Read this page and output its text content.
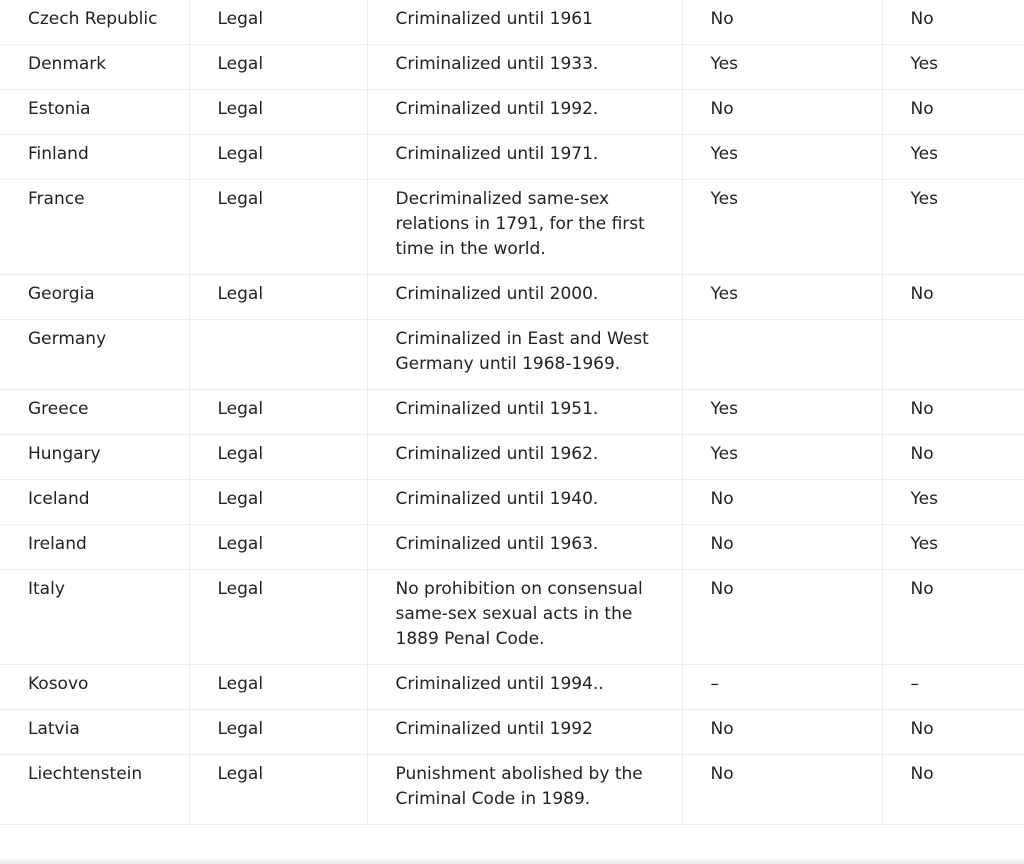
Czech Republic	Legal	Criminalized until 1961	No	No
Denmark	Legal	Criminalized until 1933.	Yes	Yes
Estonia	Legal	Criminalized until 1992.	No	No
Finland	Legal	Criminalized until 1971.	Yes	Yes
France	Legal	Decriminalized same-sex relations in 1791, for the first time in the world.	Yes	Yes
Georgia	Legal	Criminalized until 2000.	Yes	No
Germany		Criminalized in East and West Germany until 1968-1969.		
Greece	Legal	Criminalized until 1951.	Yes	No
Hungary	Legal	Criminalized until 1962.	Yes	No
Iceland	Legal	Criminalized until 1940.	No	Yes
Ireland	Legal	Criminalized until 1963.	No	Yes
Italy	Legal	No prohibition on consensual same-sex sexual acts in the 1889 Penal Code.	No	No
Kosovo	Legal	Criminalized until 1994..	–	–
Latvia	Legal	Criminalized until 1992	No	No
Liechtenstein	Legal	Punishment abolished by the Criminal Code in 1989.	No	No
